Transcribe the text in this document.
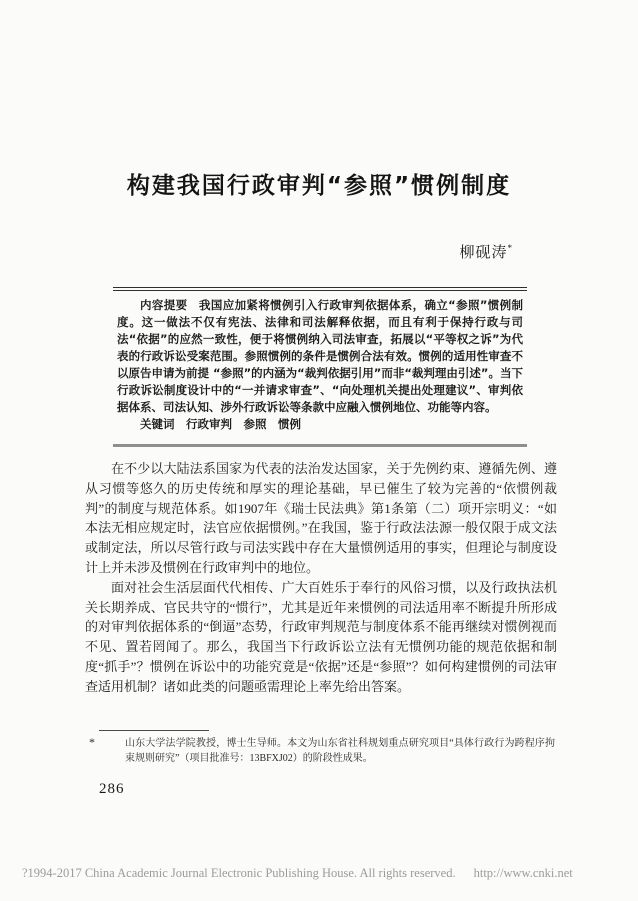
构建我国行政审判“参照”惯例制度
柳砚涛*

内容提要 我国应加紧将惯例引入行政审判依据体系，确立“参照”惯例制度。这一做法不仅有宪法、法律和司法解释依据，而且有利于保持行政与司法“依据”的应然一致性，便于将惯例纳入司法审查，拓展以“平等权之诉”为代表的行政诉讼受案范围。参照惯例的条件是惯例合法有效。惯例的适用性审查不以原告申请为前提 “参照”的内涵为“裁判依据引用”而非“裁判理由引述”。当下行政诉讼制度设计中的“一并请求审查”、“向处理机关提出处理建议”、审判依据体系、司法认知、涉外行政诉讼等条款中应融入惯例地位、功能等内容。

关键词 行政审判　参照　惯例

在不少以大陆法系国家为代表的法治发达国家，关于先例约束、遵循先例、遵从习惯等悠久的历史传统和厚实的理论基础，早已催生了较为完善的“依惯例裁判”的制度与规范体系。如1907年《瑞士民法典》第1条第（二）项开宗明义：“如本法无相应规定时，法官应依据惯例。”在我国，鉴于行政法法源一般仅限于成文法或制定法，所以尽管行政与司法实践中存在大量惯例适用的事实，但理论与制度设计上并未涉及惯例在行政审判中的地位。

面对社会生活层面代代相传、广大百姓乐于奉行的风俗习惯，以及行政执法机关长期养成、官民共守的“惯行”，尤其是近年来惯例的司法适用率不断提升所形成的对审判依据体系的“倒逼”态势，行政审判规范与制度体系不能再继续对惯例视而不见、置若罔闻了。那么，我国当下行政诉讼立法有无惯例功能的规范依据和制度“抓手”？惯例在诉讼中的功能究竟是“依据”还是“参照”？如何构建惯例的司法审查适用机制？诸如此类的问题亟需理论上率先给出答案。

*	山东大学法学院教授，博士生导师。本文为山东省社科规划重点研究项目“具体行政行为跨程序拘束规则研究”（项目批准号：13BFXJ02）的阶段性成果。
286
?1994-2017 China Academic Journal Electronic Publishing House. All rights reserved. http://www.cnki.net
